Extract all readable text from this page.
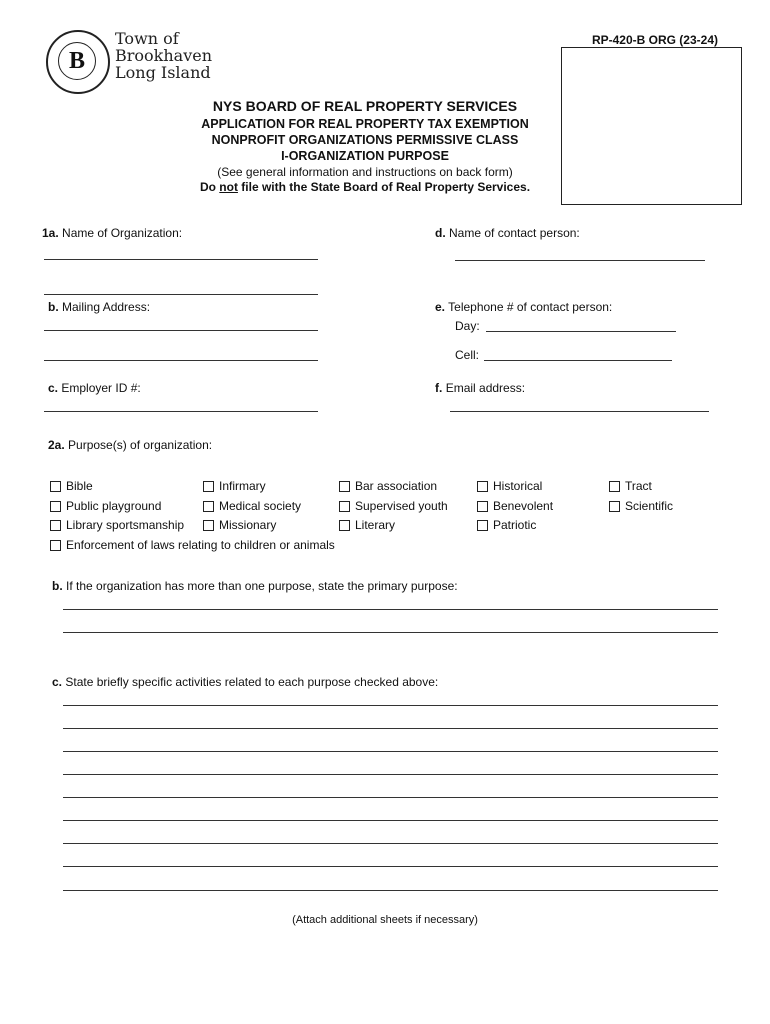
B
Town of
Brookhaven
Long Island
RP-420-B ORG (23-24)
NYS BOARD OF REAL PROPERTY SERVICES
APPLICATION FOR REAL PROPERTY TAX EXEMPTION
NONPROFIT ORGANIZATIONS PERMISSIVE CLASS
I-ORGANIZATION PURPOSE
(See general information and instructions on back form)
Do not file with the State Board of Real Property Services.
1a. Name of Organization:
b. Mailing Address:
c. Employer ID #:
d. Name of contact person:
e. Telephone # of contact person:
Day:
Cell:
f. Email address:
2a. Purpose(s) of organization:
Bible
Public playground
Library sportsmanship
Infirmary
Medical society
Missionary
Bar association
Supervised youth
Literary
Historical
Benevolent
Patriotic
Tract
Scientific
Enforcement of laws relating to children or animals
b. If the organization has more than one purpose, state the primary purpose:
c. State briefly specific activities related to each purpose checked above:
(Attach additional sheets if necessary)
